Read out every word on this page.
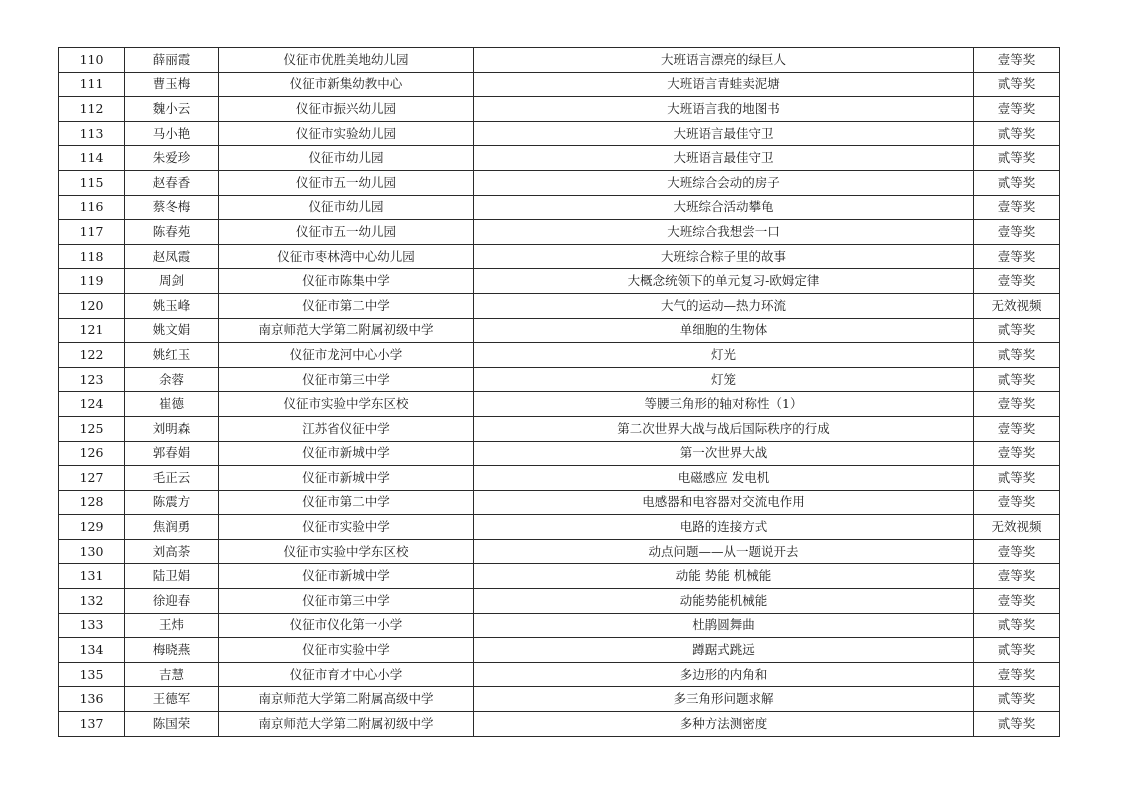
110	薛丽霞	仪征市优胜美地幼儿园	大班语言漂亮的绿巨人	壹等奖
111	曹玉梅	仪征市新集幼教中心	大班语言青蛙卖泥塘	贰等奖
112	魏小云	仪征市振兴幼儿园	大班语言我的地图书	壹等奖
113	马小艳	仪征市实验幼儿园	大班语言最佳守卫	贰等奖
114	朱爱珍	仪征市幼儿园	大班语言最佳守卫	贰等奖
115	赵春香	仪征市五一幼儿园	大班综合会动的房子	贰等奖
116	蔡冬梅	仪征市幼儿园	大班综合活动攀龟	壹等奖
117	陈春苑	仪征市五一幼儿园	大班综合我想尝一口	壹等奖
118	赵凤霞	仪征市枣林湾中心幼儿园	大班综合粽子里的故事	壹等奖
119	周剑	仪征市陈集中学	大概念统领下的单元复习-欧姆定律	壹等奖
120	姚玉峰	仪征市第二中学	大气的运动—热力环流	无效视频
121	姚文娟	南京师范大学第二附属初级中学	单细胞的生物体	贰等奖
122	姚红玉	仪征市龙河中心小学	灯光	贰等奖
123	余蓉	仪征市第三中学	灯笼	贰等奖
124	崔德	仪征市实验中学东区校	等腰三角形的轴对称性（1）	壹等奖
125	刘明森	江苏省仪征中学	第二次世界大战与战后国际秩序的行成	壹等奖
126	郭春娟	仪征市新城中学	第一次世界大战	壹等奖
127	毛正云	仪征市新城中学	电磁感应 发电机	贰等奖
128	陈震方	仪征市第二中学	电感器和电容器对交流电作用	壹等奖
129	焦润勇	仪征市实验中学	电路的连接方式	无效视频
130	刘高荼	仪征市实验中学东区校	动点问题——从一题说开去	壹等奖
131	陆卫娟	仪征市新城中学	动能 势能 机械能	壹等奖
132	徐迎春	仪征市第三中学	动能势能机械能	壹等奖
133	王炜	仪征市仪化第一小学	杜鹃圆舞曲	贰等奖
134	梅晓燕	仪征市实验中学	蹲踞式跳远	贰等奖
135	吉慧	仪征市育才中心小学	多边形的内角和	壹等奖
136	王德军	南京师范大学第二附属高级中学	多三角形问题求解	贰等奖
137	陈国荣	南京师范大学第二附属初级中学	多种方法测密度	贰等奖
